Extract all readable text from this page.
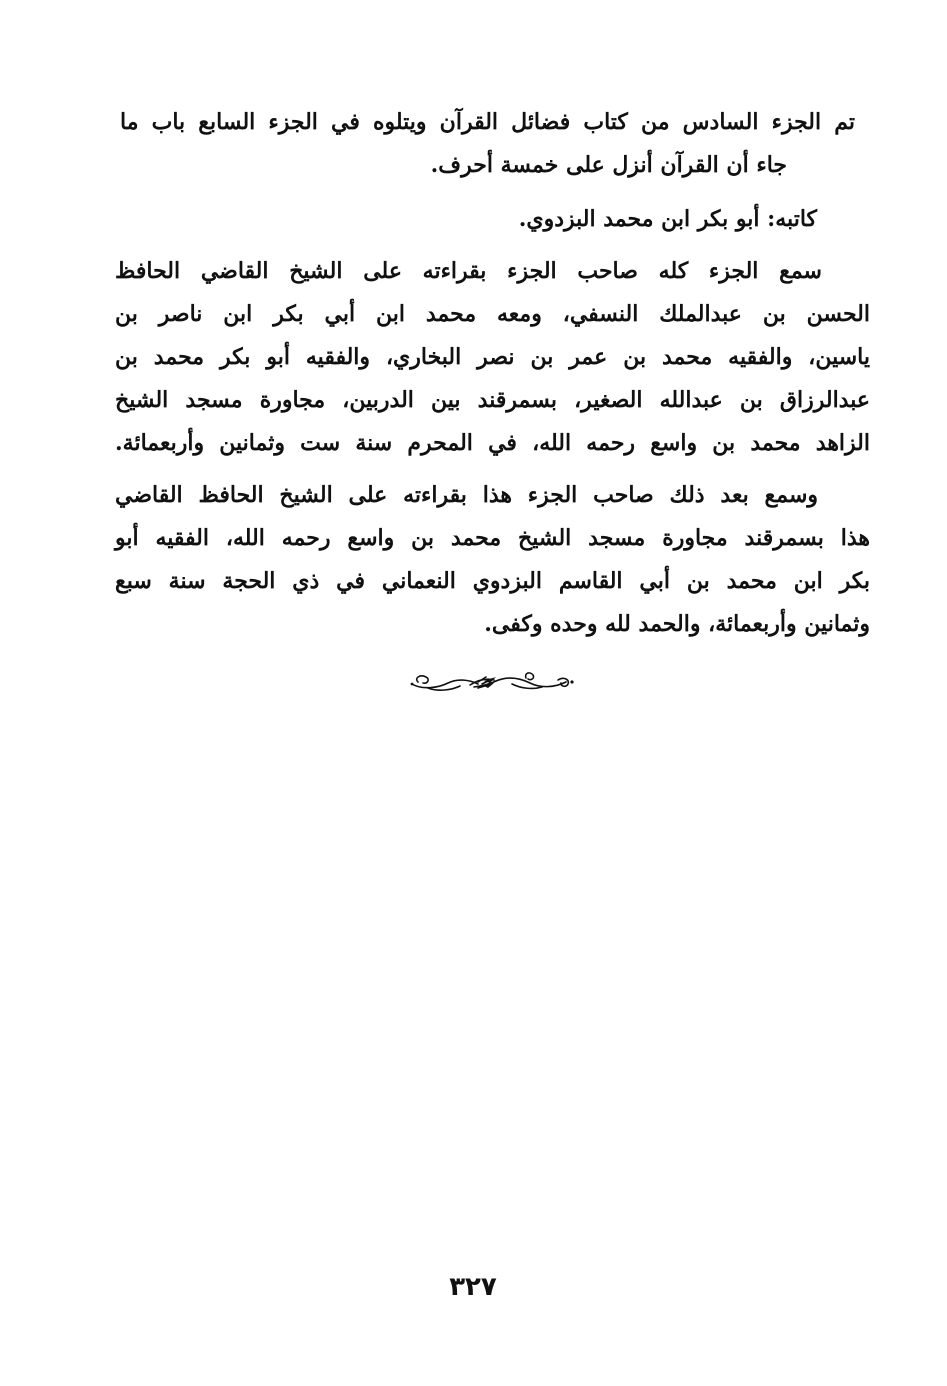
تم الجزء السادس من كتاب فضائل القرآن ويتلوه في الجزء السابع باب ما
جاء أن القرآن أنزل على خمسة أحرف.
كاتبه: أبو بكر ابن محمد البزدوي.
سمع الجزء كله صاحب الجزء بقراءته على الشيخ القاضي الحافظ
الحسن بن عبدالملك النسفي، ومعه محمد ابن أبي بكر ابن ناصر بن
ياسين، والفقيه محمد بن عمر بن نصر البخاري، والفقيه أبو بكر محمد بن
عبدالرزاق بن عبدالله الصغير، بسمرقند بين الدربين، مجاورة مسجد الشيخ
الزاهد محمد بن واسع رحمه الله، في المحرم سنة ست وثمانين وأربعمائة.
وسمع بعد ذلك صاحب الجزء هذا بقراءته على الشيخ الحافظ القاضي
هذا بسمرقند مجاورة مسجد الشيخ محمد بن واسع رحمه الله، الفقيه أبو
بكر ابن محمد بن أبي القاسم البزدوي النعماني في ذي الحجة سنة سبع
وثمانين وأربعمائة، والحمد لله وحده وكفى.
٣٢٧
